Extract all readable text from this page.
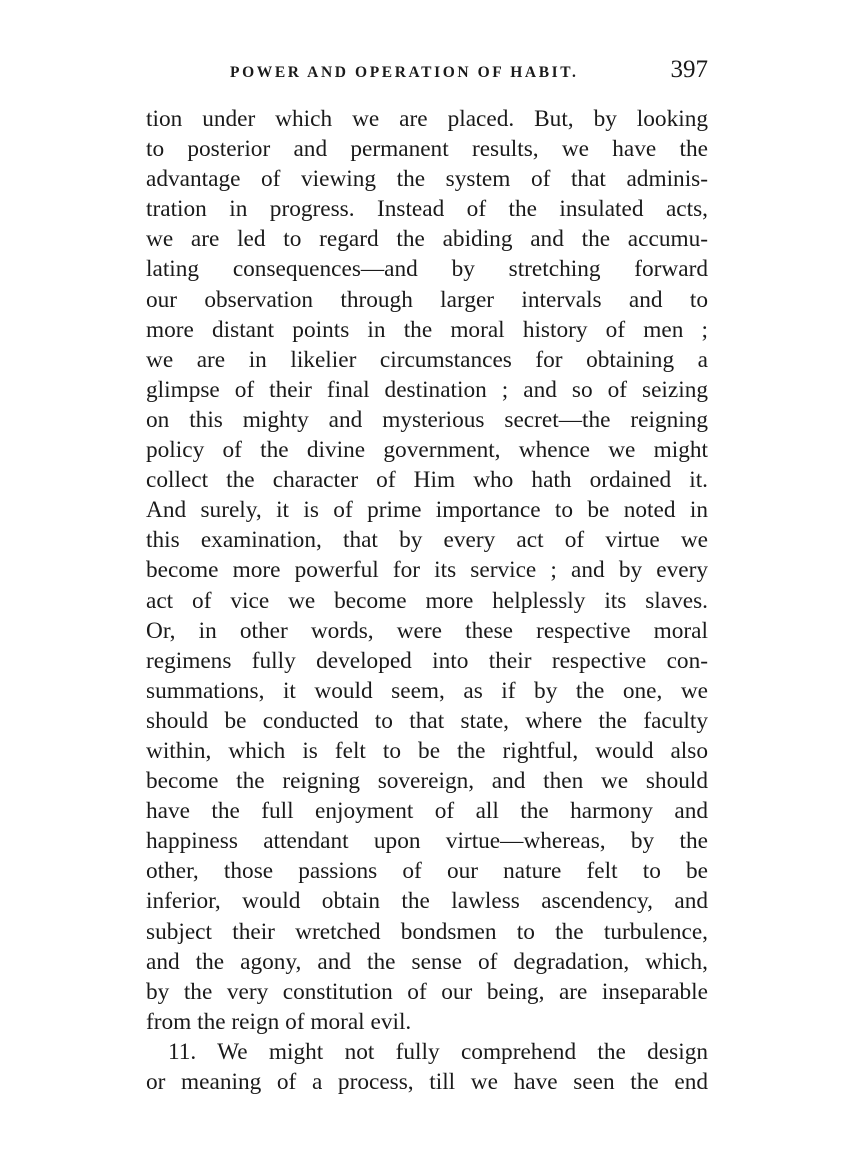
POWER AND OPERATION OF HABIT.	397
tion under which we are placed. But, by looking
to posterior and permanent results, we have the
advantage of viewing the system of that adminis-
tration in progress. Instead of the insulated acts,
we are led to regard the abiding and the accumu-
lating consequences—and by stretching forward
our observation through larger intervals and to
more distant points in the moral history of men ;
we are in likelier circumstances for obtaining a
glimpse of their final destination ; and so of seizing
on this mighty and mysterious secret—the reigning
policy of the divine government, whence we might
collect the character of Him who hath ordained it.
And surely, it is of prime importance to be noted in
this examination, that by every act of virtue we
become more powerful for its service ; and by every
act of vice we become more helplessly its slaves.
Or, in other words, were these respective moral
regimens fully developed into their respective con-
summations, it would seem, as if by the one, we
should be conducted to that state, where the faculty
within, which is felt to be the rightful, would also
become the reigning sovereign, and then we should
have the full enjoyment of all the harmony and
happiness attendant upon virtue—whereas, by the
other, those passions of our nature felt to be
inferior, would obtain the lawless ascendency, and
subject their wretched bondsmen to the turbulence,
and the agony, and the sense of degradation, which,
by the very constitution of our being, are inseparable
from the reign of moral evil.
11. We might not fully comprehend the design
or meaning of a process, till we have seen the end
